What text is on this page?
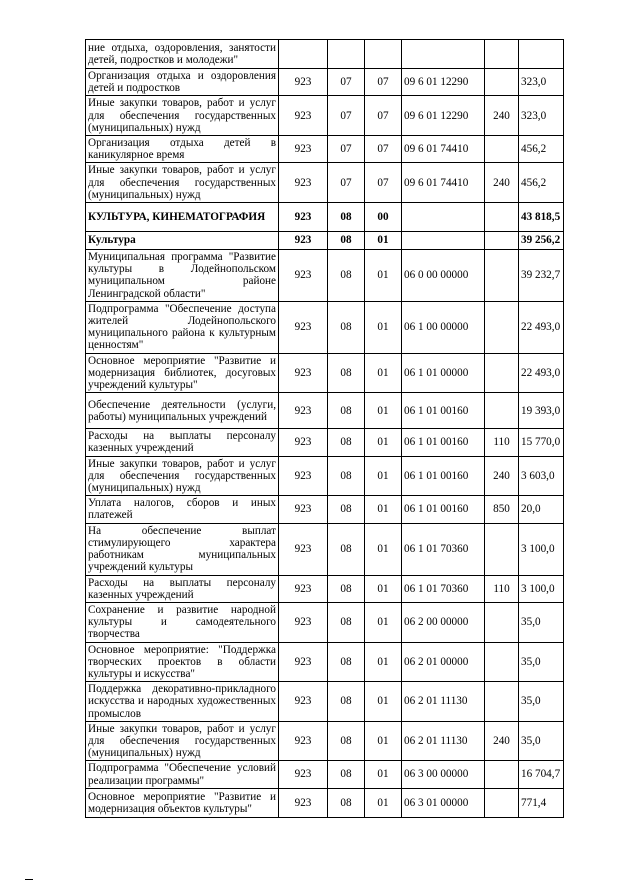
ние отдыха, оздоровления, занятости детей, подростков и молодежи"						
Организация отдыха и оздоровления детей и подростков	923	07	07	09 6 01 12290		323,0
Иные закупки товаров, работ и услуг для обеспечения государственных (муниципальных) нужд	923	07	07	09 6 01 12290	240	323,0
Организация отдыха детей в каникулярное время	923	07	07	09 6 01 74410		456,2
Иные закупки товаров, работ и услуг для обеспечения государственных (муниципальных) нужд	923	07	07	09 6 01 74410	240	456,2
КУЛЬТУРА, КИНЕМАТОГРАФИЯ	923	08	00			43 818,5
Культура	923	08	01			39 256,2
Муниципальная программа "Развитие культуры в Лодейнопольском муниципальном районе Ленинградской области"	923	08	01	06 0 00 00000		39 232,7
Подпрограмма "Обеспечение доступа жителей Лодейнопольского муниципального района к культурным ценностям"	923	08	01	06 1 00 00000		22 493,0
Основное мероприятие "Развитие и модернизация библиотек, досуговых учреждений культуры"	923	08	01	06 1 01 00000		22 493,0
Обеспечение деятельности (услуги, работы) муниципальных учреждений	923	08	01	06 1 01 00160		19 393,0
Расходы на выплаты персоналу казенных учреждений	923	08	01	06 1 01 00160	110	15 770,0
Иные закупки товаров, работ и услуг для обеспечения государственных (муниципальных) нужд	923	08	01	06 1 01 00160	240	3 603,0
Уплата налогов, сборов и иных платежей	923	08	01	06 1 01 00160	850	20,0
На обеспечение выплат стимулирующего характера работникам муниципальных учреждений культуры	923	08	01	06 1 01 70360		3 100,0
Расходы на выплаты персоналу казенных учреждений	923	08	01	06 1 01 70360	110	3 100,0
Сохранение и развитие народной культуры и самодеятельного творчества	923	08	01	06 2 00 00000		35,0
Основное мероприятие: "Поддержка творческих проектов в области культуры и искусства"	923	08	01	06 2 01 00000		35,0
Поддержка декоративно-прикладного искусства и народных художественных промыслов	923	08	01	06 2 01 11130		35,0
Иные закупки товаров, работ и услуг для обеспечения государственных (муниципальных) нужд	923	08	01	06 2 01 11130	240	35,0
Подпрограмма "Обеспечение условий реализации программы"	923	08	01	06 3 00 00000		16 704,7
Основное мероприятие "Развитие и модернизация объектов культуры"	923	08	01	06 3 01 00000		771,4
